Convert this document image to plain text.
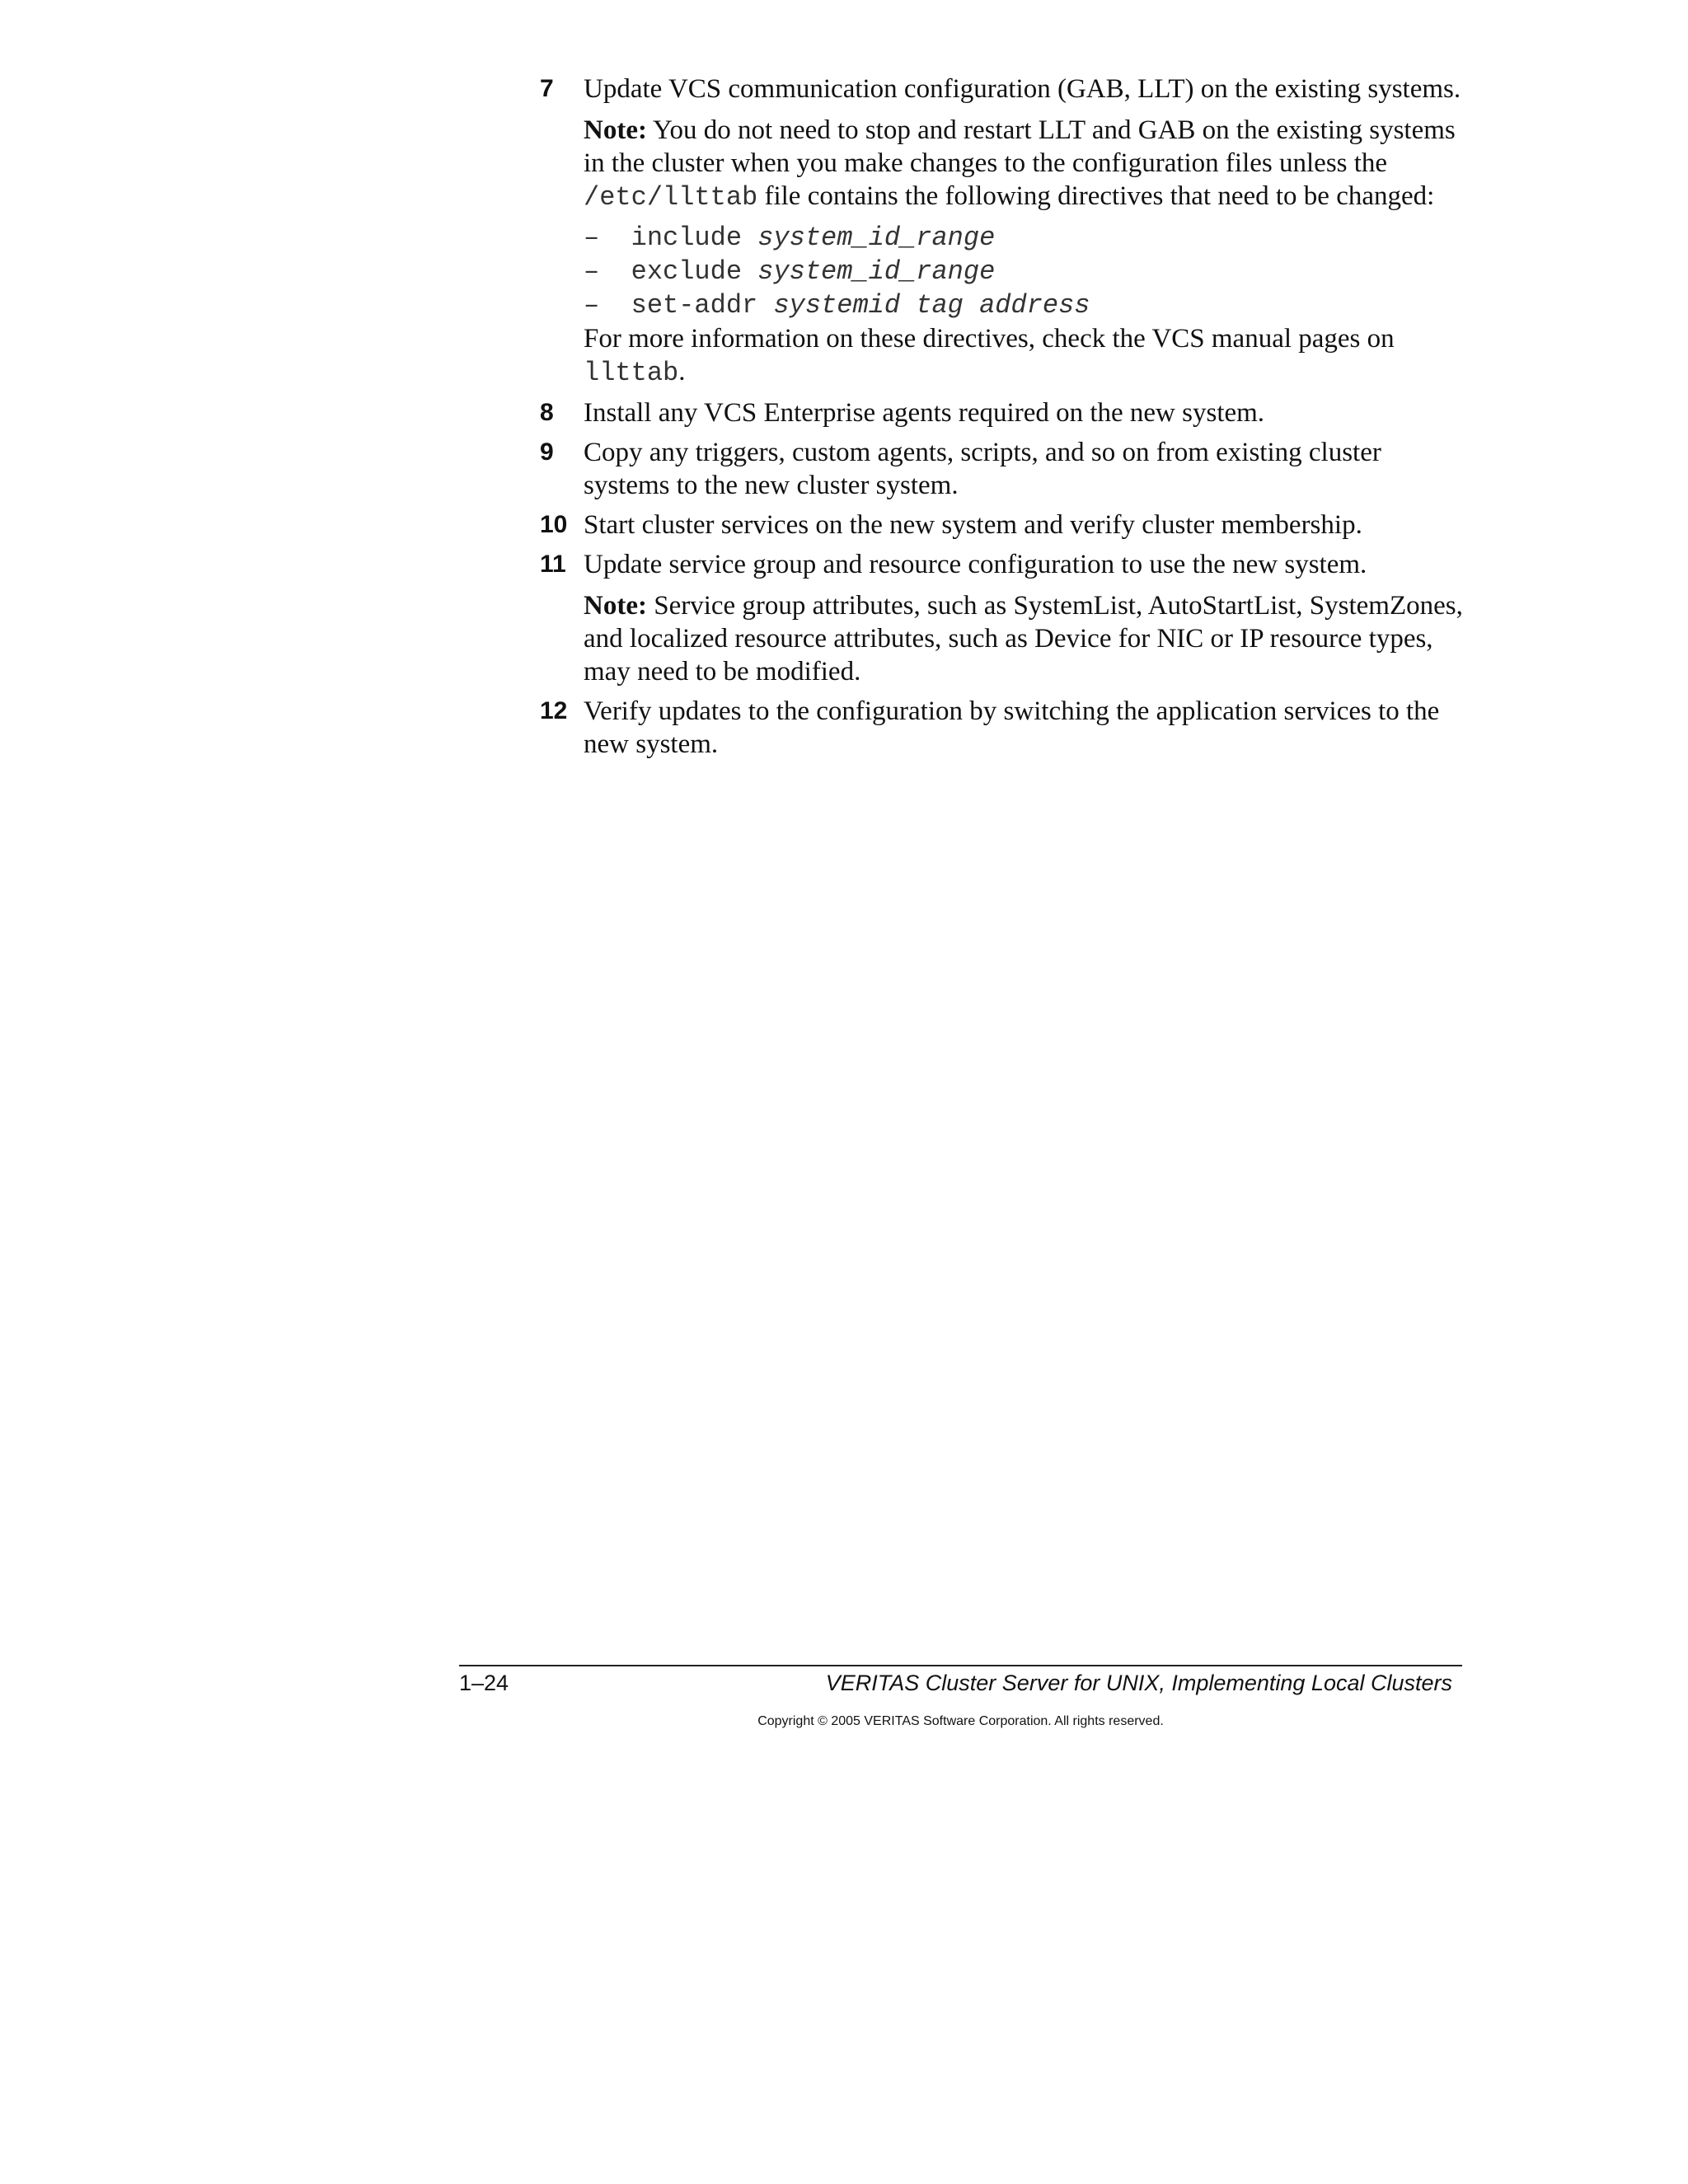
7 Update VCS communication configuration (GAB, LLT) on the existing systems.
Note: You do not need to stop and restart LLT and GAB on the existing systems in the cluster when you make changes to the configuration files unless the /etc/llttab file contains the following directives that need to be changed:
– include system_id_range
– exclude system_id_range
– set-addr systemid tag address
For more information on these directives, check the VCS manual pages on llttab.
8 Install any VCS Enterprise agents required on the new system.
9 Copy any triggers, custom agents, scripts, and so on from existing cluster systems to the new cluster system.
10 Start cluster services on the new system and verify cluster membership.
11 Update service group and resource configuration to use the new system.
Note: Service group attributes, such as SystemList, AutoStartList, SystemZones, and localized resource attributes, such as Device for NIC or IP resource types, may need to be modified.
12 Verify updates to the configuration by switching the application services to the new system.
1–24	VERITAS Cluster Server for UNIX, Implementing Local Clusters
Copyright © 2005 VERITAS Software Corporation. All rights reserved.
